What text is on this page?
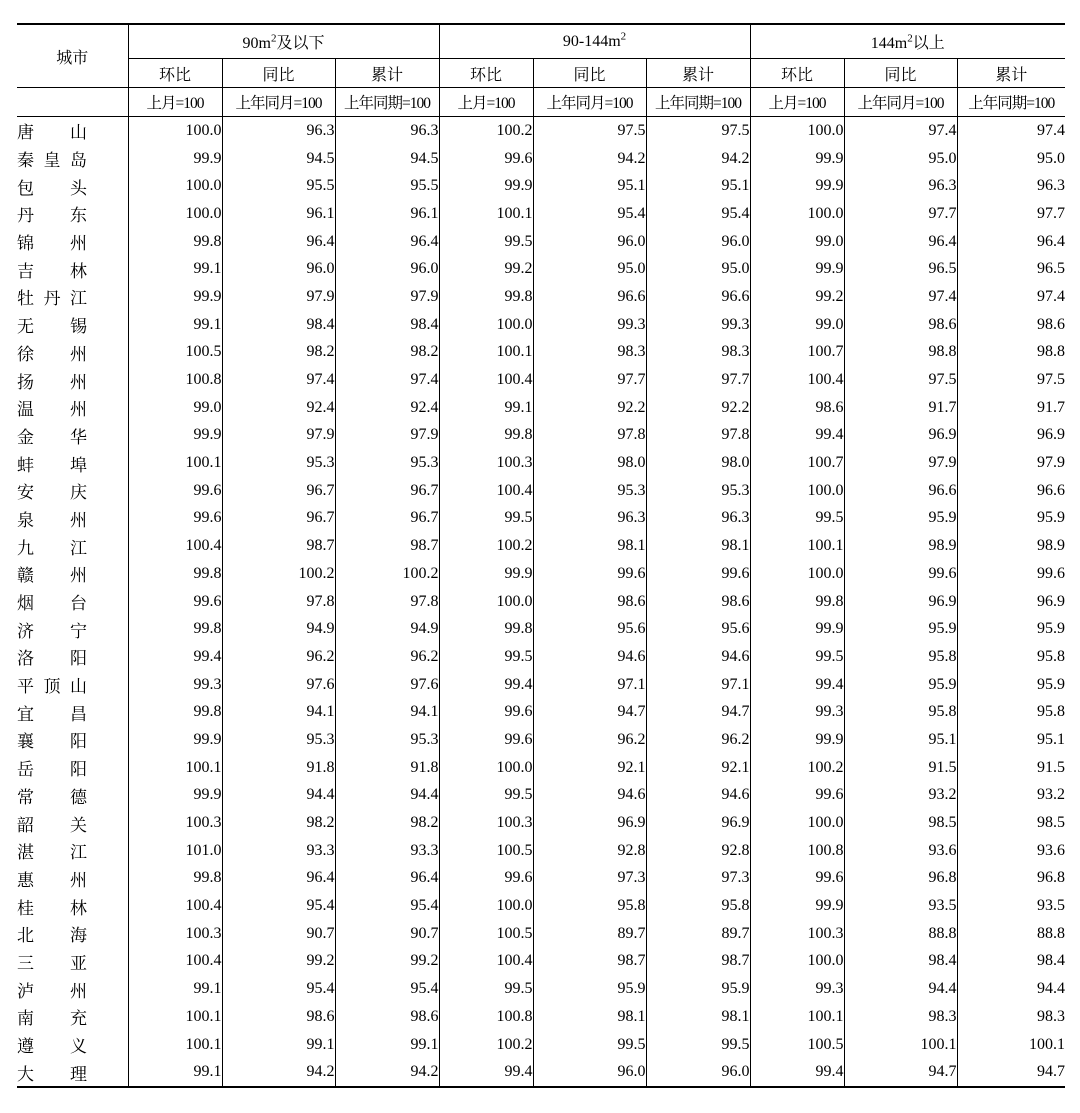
城市	$90m^2$及以下			$90-144m^2$			$144m^2$以上		
	环比	同比	累计	环比	同比	累计	环比	同比	累计
	上月=100	上年同月=100	上年同期=100	上月=100	上年同月=100	上年同期=100	上月=100	上年同月=100	上年同期=100

唐 山	100.0	96.3	96.3	100.2	97.5	97.5	100.0	97.4	97.4

秦 皇 岛	99.9	94.5	94.5	99.6	94.2	94.2	99.9	95.0	95.0

包 头	100.0	95.5	95.5	99.9	95.1	95.1	99.9	96.3	96.3

丹 东	100.0	96.1	96.1	100.1	95.4	95.4	100.0	97.7	97.7

锦 州	99.8	96.4	96.4	99.5	96.0	96.0	99.0	96.4	96.4

吉 林	99.1	96.0	96.0	99.2	95.0	95.0	99.9	96.5	96.5

牡 丹 江	99.9	97.9	97.9	99.8	96.6	96.6	99.2	97.4	97.4

无 锡	99.1	98.4	98.4	100.0	99.3	99.3	99.0	98.6	98.6

徐 州	100.5	98.2	98.2	100.1	98.3	98.3	100.7	98.8	98.8

扬 州	100.8	97.4	97.4	100.4	97.7	97.7	100.4	97.5	97.5

温 州	99.0	92.4	92.4	99.1	92.2	92.2	98.6	91.7	91.7

金 华	99.9	97.9	97.9	99.8	97.8	97.8	99.4	96.9	96.9

蚌 埠	100.1	95.3	95.3	100.3	98.0	98.0	100.7	97.9	97.9

安 庆	99.6	96.7	96.7	100.4	95.3	95.3	100.0	96.6	96.6

泉 州	99.6	96.7	96.7	99.5	96.3	96.3	99.5	95.9	95.9

九 江	100.4	98.7	98.7	100.2	98.1	98.1	100.1	98.9	98.9

赣 州	99.8	100.2	100.2	99.9	99.6	99.6	100.0	99.6	99.6

烟 台	99.6	97.8	97.8	100.0	98.6	98.6	99.8	96.9	96.9

济 宁	99.8	94.9	94.9	99.8	95.6	95.6	99.9	95.9	95.9

洛 阳	99.4	96.2	96.2	99.5	94.6	94.6	99.5	95.8	95.8

平 顶 山	99.3	97.6	97.6	99.4	97.1	97.1	99.4	95.9	95.9

宜 昌	99.8	94.1	94.1	99.6	94.7	94.7	99.3	95.8	95.8

襄 阳	99.9	95.3	95.3	99.6	96.2	96.2	99.9	95.1	95.1

岳 阳	100.1	91.8	91.8	100.0	92.1	92.1	100.2	91.5	91.5

常 德	99.9	94.4	94.4	99.5	94.6	94.6	99.6	93.2	93.2

韶 关	100.3	98.2	98.2	100.3	96.9	96.9	100.0	98.5	98.5

湛 江	101.0	93.3	93.3	100.5	92.8	92.8	100.8	93.6	93.6

惠 州	99.8	96.4	96.4	99.6	97.3	97.3	99.6	96.8	96.8

桂 林	100.4	95.4	95.4	100.0	95.8	95.8	99.9	93.5	93.5

北 海	100.3	90.7	90.7	100.5	89.7	89.7	100.3	88.8	88.8

三 亚	100.4	99.2	99.2	100.4	98.7	98.7	100.0	98.4	98.4

泸 州	99.1	95.4	95.4	99.5	95.9	95.9	99.3	94.4	94.4

南 充	100.1	98.6	98.6	100.8	98.1	98.1	100.1	98.3	98.3

遵 义	100.1	99.1	99.1	100.2	99.5	99.5	100.5	100.1	100.1

大 理	99.1	94.2	94.2	99.4	96.0	96.0	99.4	94.7	94.7
